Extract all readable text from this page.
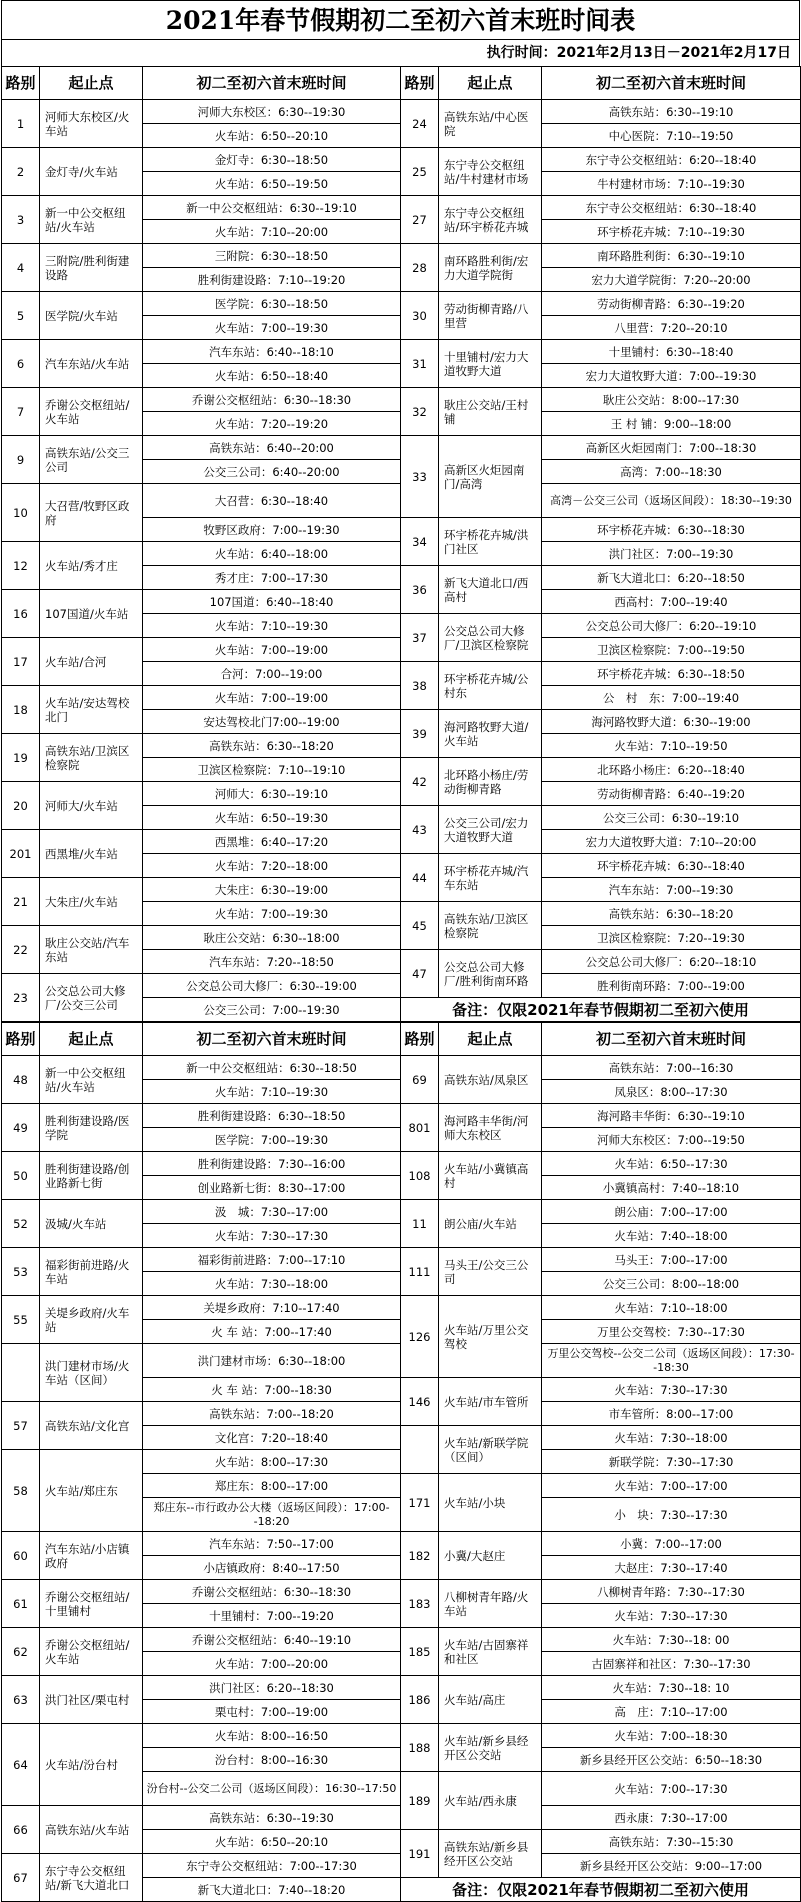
2021年春节假期初二至初六首末班时间表
执行时间：2021年2月13日－2021年2月17日
路别	起止点	初二至初六首末班时间	路别	起止点	初二至初六首末班时间
1	河师大东校区/火车站	河师大东校区：6:30--19:30	24	高铁东站/中心医院	高铁东站：6:30--19:10
		火车站：6:50--20:10			中心医院：7:10--19:50
2	金灯寺/火车站	金灯寺：6:30--18:50	25	东宁寺公交枢纽站/牛村建材市场	东宁寺公交枢纽站：6:20--18:40
		火车站：6:50--19:50			牛村建材市场：7:10--19:30
3	新一中公交枢纽站/火车站	新一中公交枢纽站：6:30--19:10	27	东宁寺公交枢纽站/环宇桥花卉城	东宁寺公交枢纽站：6:30--18:40
		火车站：7:10--20:00			环宇桥花卉城：7:10--19:30
4	三附院/胜利街建设路	三附院：6:30--18:50	28	南环路胜利街/宏力大道学院街	南环路胜利街：6:30--19:10
		胜利街建设路：7:10--19:20			宏力大道学院街：7:20--20:00
5	医学院/火车站	医学院：6:30--18:50	30	劳动街柳青路/八里营	劳动街柳青路：6:30--19:20
		火车站：7:00--19:30			八里营：7:20--20:10
6	汽车东站/火车站	汽车东站：6:40--18:10	31	十里铺村/宏力大道牧野大道	十里铺村：6:30--18:40
		火车站：6:50--18:40			宏力大道牧野大道：7:00--19:30
7	乔谢公交枢纽站/火车站	乔谢公交枢纽站：6:30--18:30	32	耿庄公交站/王村铺	耿庄公交站：8:00--17:30
		火车站：7:20--19:20			王 村 铺：9:00--18:00
9	高铁东站/公交三公司	高铁东站：6:40--20:00	33	高新区火炬园南门/高湾	高新区火炬园南门：7:00--18:30
		公交三公司：6:40--20:00			高湾：7:00--18:30
10	大召营/牧野区政府	大召营：6:30--18:40			高湾－公交三公司（返场区间段）：18:30--19:30
		牧野区政府：7:00--19:30	34	环宇桥花卉城/洪门社区	环宇桥花卉城：6:30--18:30
12	火车站/秀才庄	火车站：6:40--18:00			洪门社区：7:00--19:30
		秀才庄：7:00--17:30	36	新飞大道北口/西高村	新飞大道北口：6:20--18:50
16	107国道/火车站	107国道：6:40--18:40			西高村：7:00--19:40
		火车站：7:10--19:30	37	公交总公司大修厂/卫滨区检察院	公交总公司大修厂：6:20--19:10
17	火车站/合河	火车站：7:00--19:00			卫滨区检察院：7:00--19:50
		合河：7:00--19:00	38	环宇桥花卉城/公村东	环宇桥花卉城：6:30--18:50
18	火车站/安达驾校北门	火车站：7:00--19:00			公　村　东：7:00--19:40
		安达驾校北门7:00--19:00	39	海河路牧野大道/火车站	海河路牧野大道：6:30--19:00
19	高铁东站/卫滨区检察院	高铁东站：6:30--18:20			火车站：7:10--19:50
		卫滨区检察院：7:10--19:10	42	北环路小杨庄/劳动街柳青路	北环路小杨庄：6:20--18:40
20	河师大/火车站	河师大：6:30--19:10			劳动街柳青路：6:40--19:20
		火车站：6:50--19:30	43	公交三公司/宏力大道牧野大道	公交三公司：6:30--19:10
201	西黑堆/火车站	西黑堆：6:40--17:20			宏力大道牧野大道：7:10--20:00
		火车站：7:20--18:00	44	环宇桥花卉城/汽车东站	环宇桥花卉城：6:30--18:40
21	大朱庄/火车站	大朱庄：6:30--19:00			汽车东站：7:00--19:30
		火车站：7:00--19:30	45	高铁东站/卫滨区检察院	高铁东站：6:30--18:20
22	耿庄公交站/汽车东站	耿庄公交站：6:30--18:00			卫滨区检察院：7:20--19:30
		汽车东站：7:20--18:50	47	公交总公司大修厂/胜利街南环路	公交总公司大修厂：6:20--18:10
23	公交总公司大修厂/公交三公司	公交总公司大修厂：6:30--19:00			胜利街南环路：7:00--19:00
		公交三公司：7:00--19:30	备注：仅限2021年春节假期初二至初六使用		
路别	起止点	初二至初六首末班时间	路别	起止点	初二至初六首末班时间
48	新一中公交枢纽站/火车站	新一中公交枢纽站：6:30--18:50	69	高铁东站/凤泉区	高铁东站：7:00--16:30
		火车站：7:10--19:30			凤泉区：8:00--17:30
49	胜利街建设路/医学院	胜利街建设路：6:30--18:50	801	海河路丰华街/河师大东校区	海河路丰华街：6:30--19:10
		医学院：7:00--19:30			河师大东校区：7:00--19:50
50	胜利街建设路/创业路新七街	胜利街建设路：7:30--16:00	108	火车站/小冀镇高村	火车站：6:50--17:30
		创业路新七街：8:30--17:00			小冀镇高村：7:40--18:10
52	汲城/火车站	汲　城：7:30--17:00	11	朗公庙/火车站	朗公庙：7:00--17:00
		火车站：7:30--17:30			火车站：7:40--18:00
53	福彩街前进路/火车站	福彩街前进路：7:00--17:10	111	马头王/公交三公司	马头王：7:00--17:00
		火车站：7:30--18:00			公交三公司：8:00--18:00
55	关堤乡政府/火车站	关堤乡政府：7:10--17:40	126	火车站/万里公交驾校	火车站：7:10--18:00
		火 车 站：7:00--17:40			万里公交驾校：7:30--17:30
	洪门建材市场/火车站（区间）	洪门建材市场：6:30--18:00			万里公交驾校--公交二公司（返场区间段）：17:30--18:30
		火 车 站：7:00--18:30	146	火车站/市车管所	火车站：7:30--17:30
57	高铁东站/文化宫	高铁东站：7:00--18:20			市车管所：8:00--17:00
		文化宫：7:20--18:40		火车站/新联学院（区间）	火车站：7:30--18:00
58	火车站/郑庄东	火车站：8:00--17:30			新联学院：7:30--17:30
		郑庄东：8:00--17:00	171	火车站/小块	火车站：7:00--17:00
		郑庄东--市行政办公大楼（返场区间段）：17:00--18:20			小　块：7:30--17:30
60	汽车东站/小店镇政府	汽车东站：7:50--17:00	182	小冀/大赵庄	小冀：7:00--17:00
		小店镇政府：8:40--17:50			大赵庄：7:30--17:40
61	乔谢公交枢纽站/十里铺村	乔谢公交枢纽站：6:30--18:30	183	八柳树青年路/火车站	八柳树青年路：7:30--17:30
		十里铺村：7:00--19:20			火车站：7:30--17:30
62	乔谢公交枢纽站/火车站	乔谢公交枢纽站：6:40--19:10	185	火车站/古固寨祥和社区	火车站：7:30--18: 00
		火车站：7:00--20:00			古固寨祥和社区：7:30--17:30
63	洪门社区/栗屯村	洪门社区：6:20--18:30	186	火车站/高庄	火车站：7:30--18: 10
		栗屯村：7:00--19:00			高　庄：7:10--17:00
64	火车站/汾台村	火车站：8:00--16:50	188	火车站/新乡县经开区公交站	火车站：7:00--18:30
		汾台村：8:00--16:30			新乡县经开区公交站：6:50--18:30
		汾台村--公交二公司（返场区间段）：16:30--17:50	189	火车站/西永康	火车站：7:00--17:30
66	高铁东站/火车站	高铁东站：6:30--19:30			西永康：7:30--17:00
		火车站：6:50--20:10	191	高铁东站/新乡县经开区公交站	高铁东站：7:30--15:30
67	东宁寺公交枢纽站/新飞大道北口	东宁寺公交枢纽站：7:00--17:30			新乡县经开区公交站：9:00--17:00
		新飞大道北口：7:40--18:20	备注：仅限2021年春节假期初二至初六使用		
